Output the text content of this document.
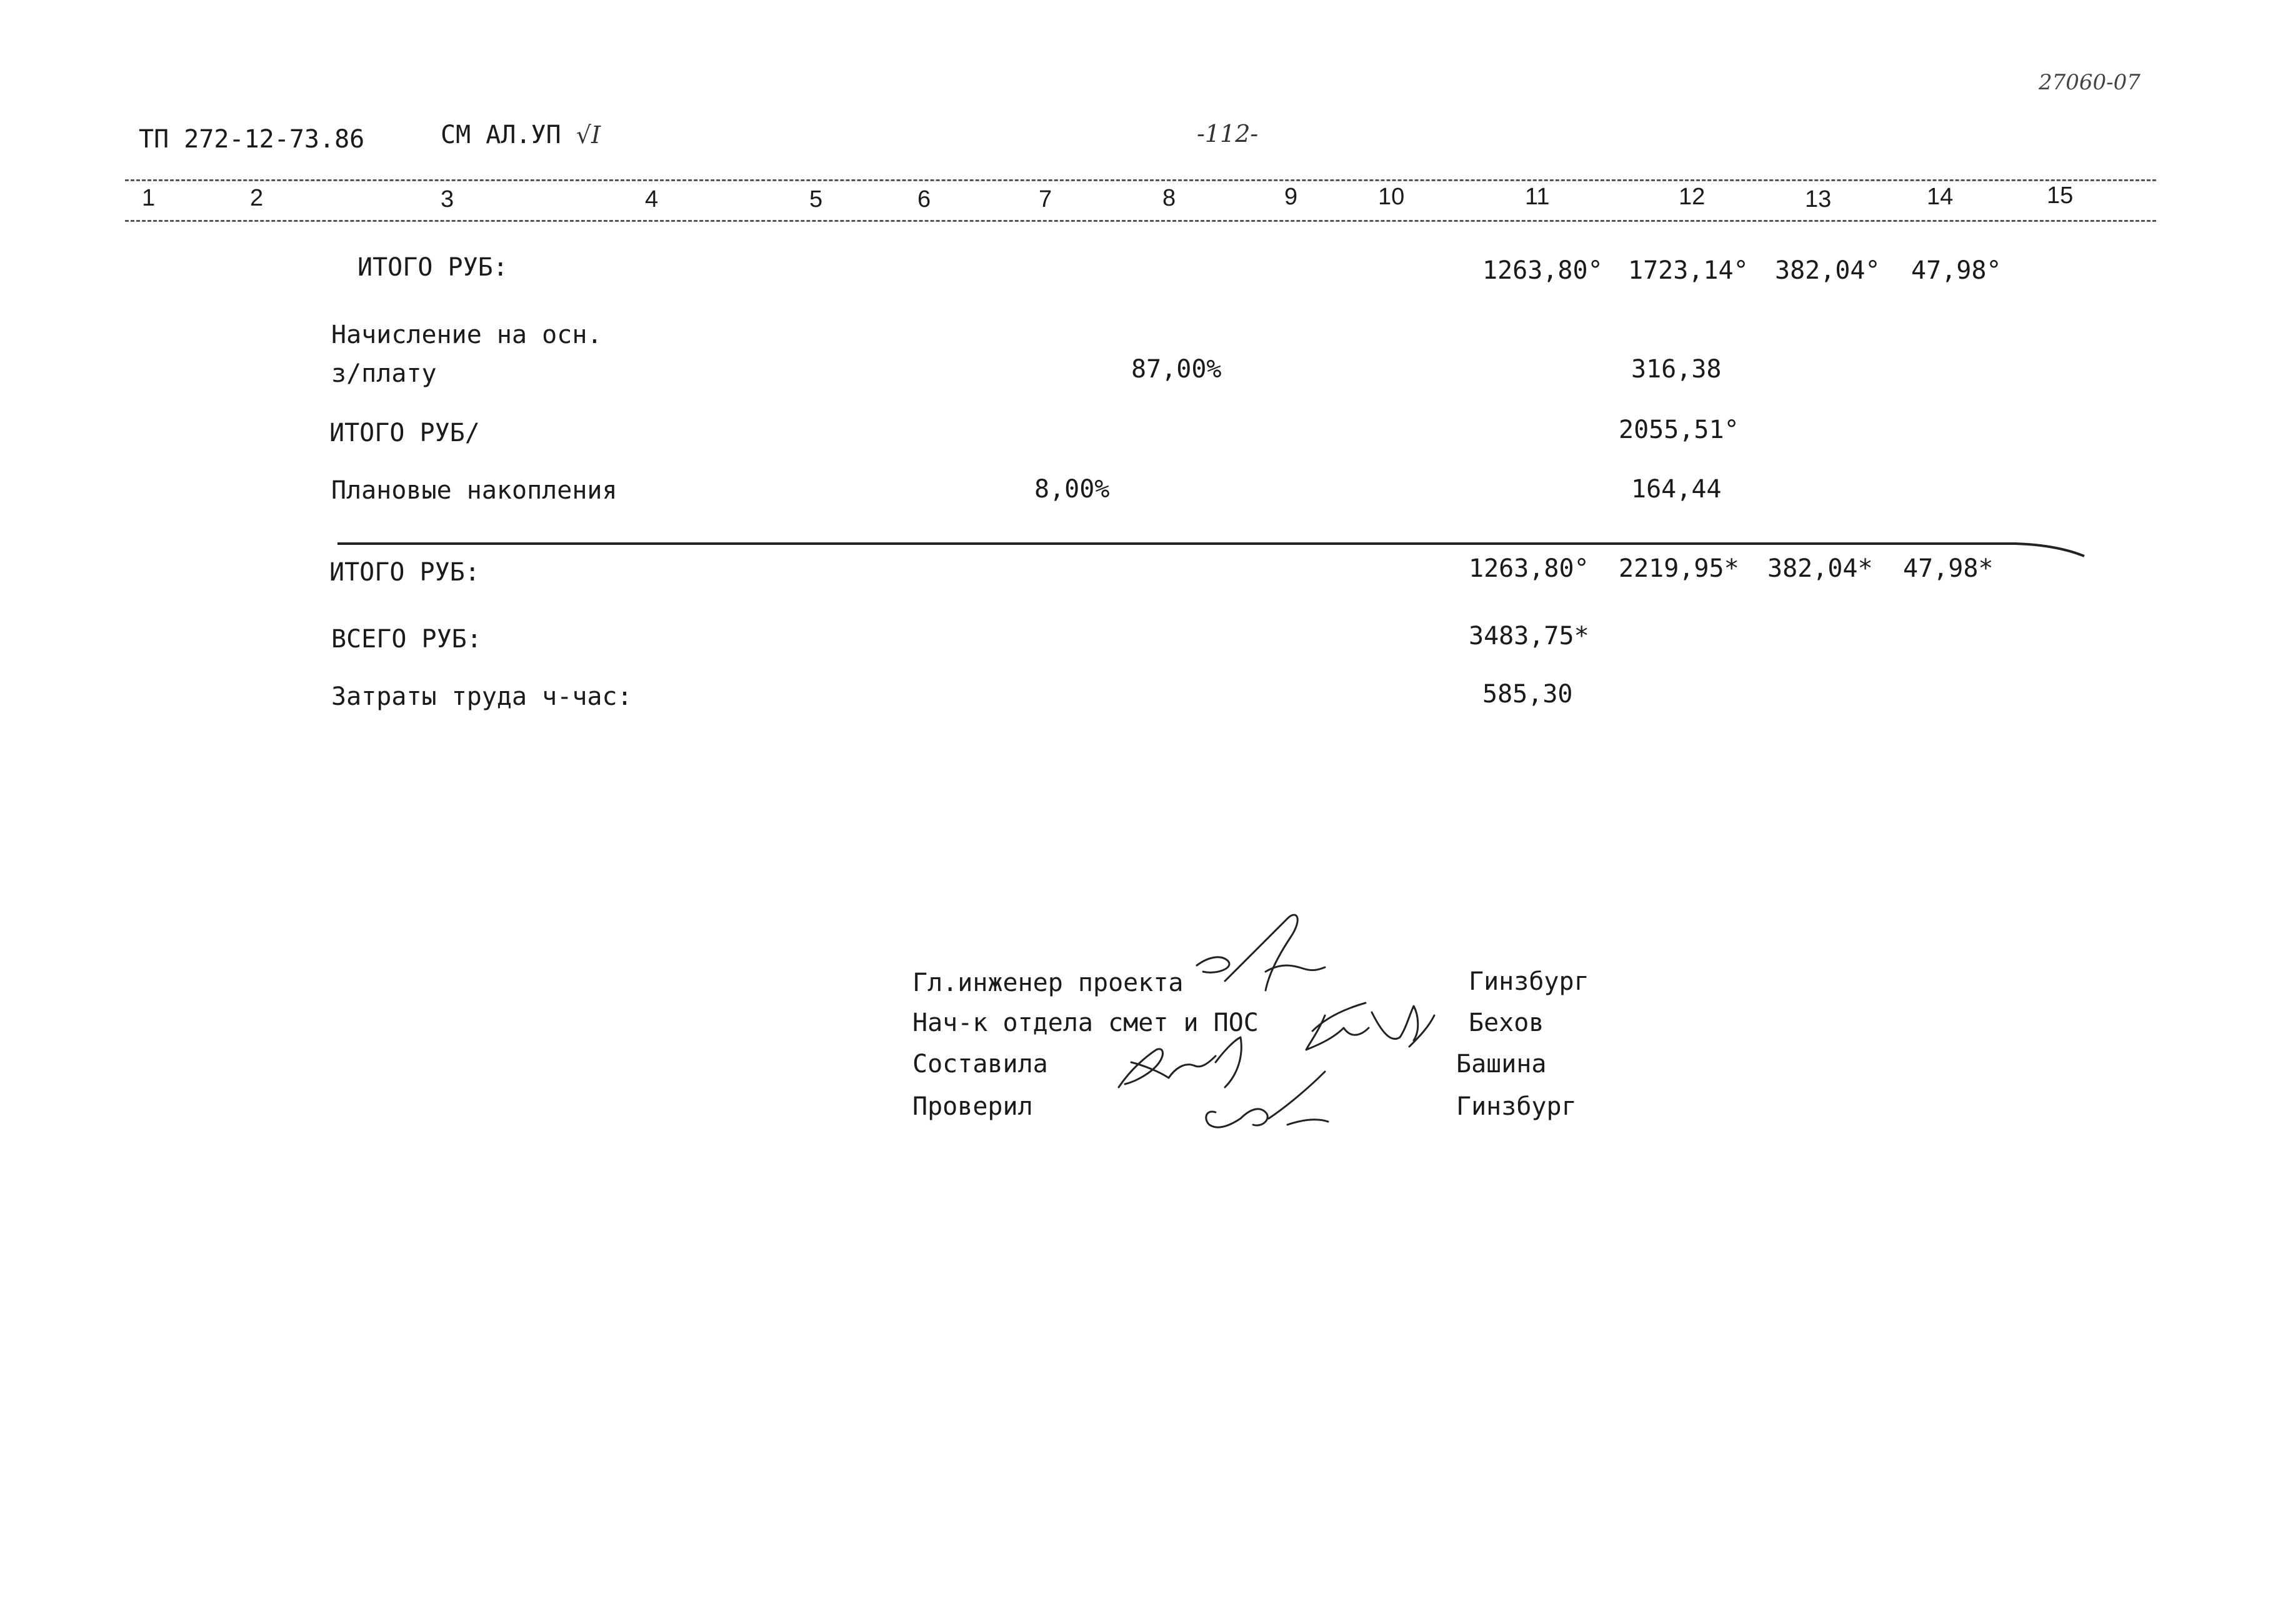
ТП 272-12-73.86	СМ АЛ.УП √I	-112-
27060-07
1	2	3	4	5	6	7	8	9	10	11	12	13	14	15
ИТОГО РУБ:	1263,80° 1723,14° 382,04° 47,98°
Начисление на осн.
з/плату	87,00%	316,38
ИТОГО РУБ/	2055,51°
Плановые накопления	8,00%	164,44
ИТОГО РУБ:	1263,80° 2219,95* 382,04* 47,98*
ВСЕГО РУБ:	3483,75*
Затраты труда ч-час:	585,30
Гл.инженер проекта	Гинзбург
Нач-к отдела смет и ПОС	Бехов
Составила	Башина
Проверил	Гинзбург
